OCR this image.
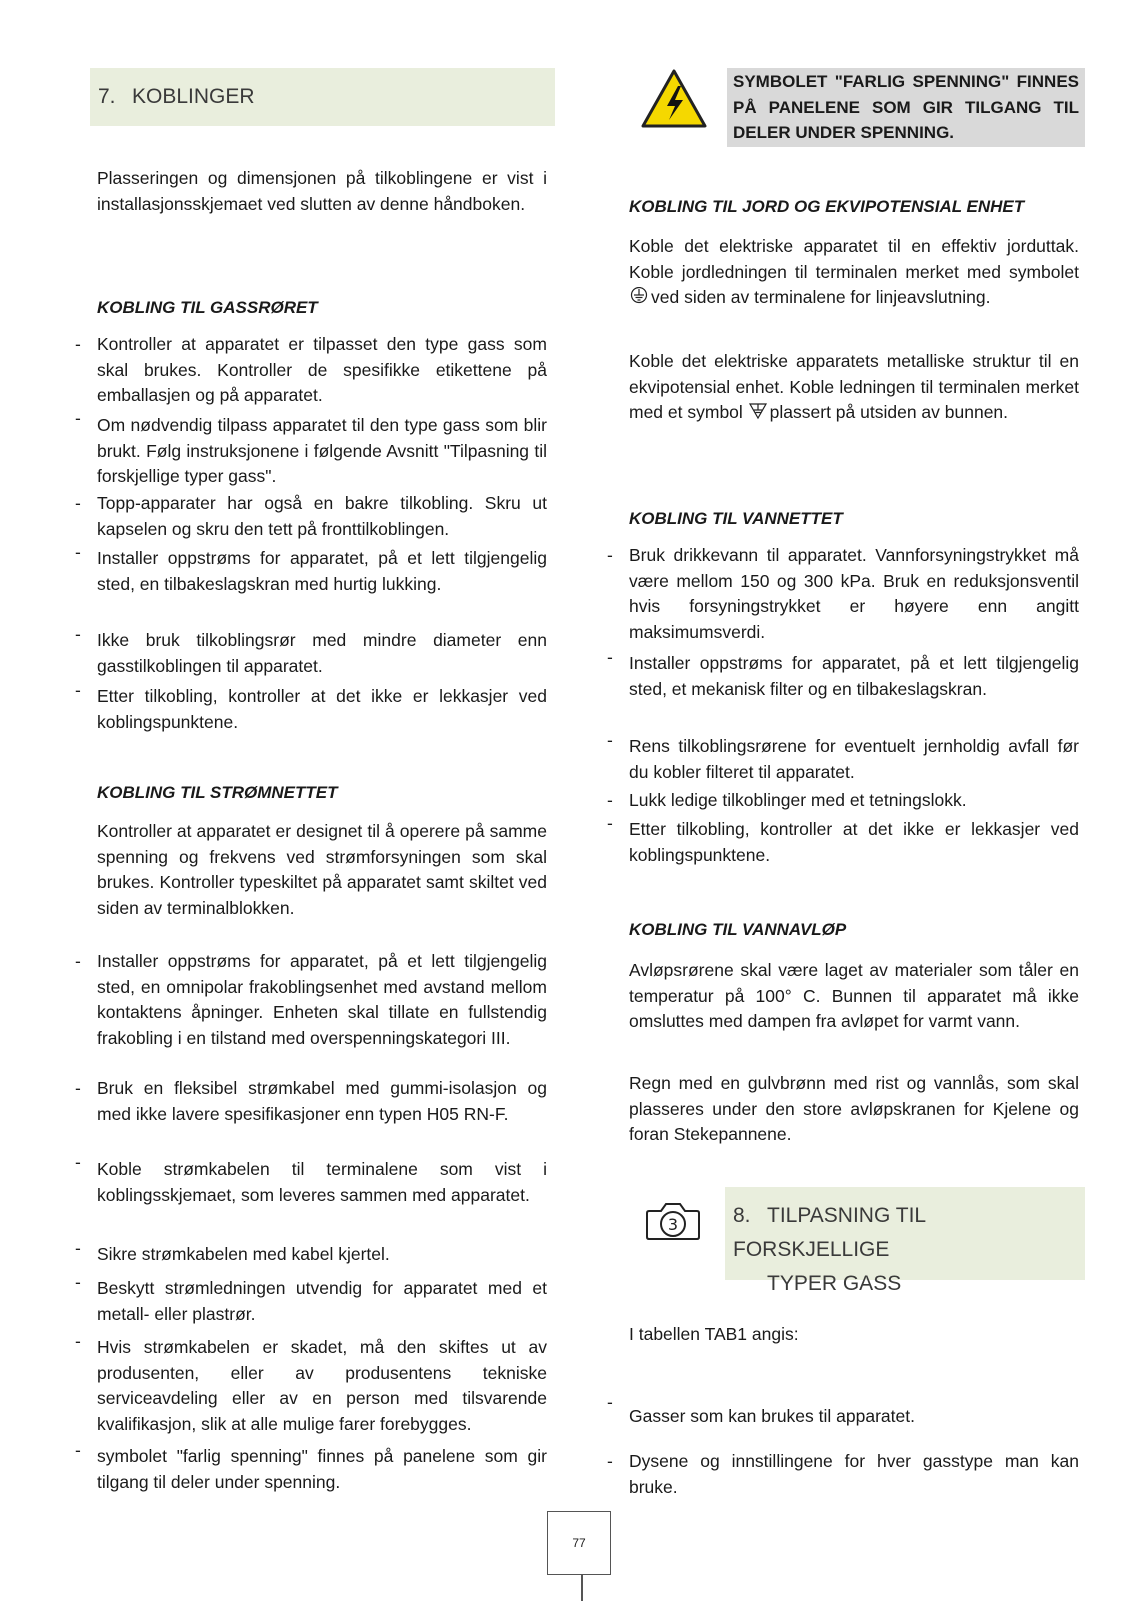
7. KOBLINGER

Plasseringen og dimensjonen på tilkoblingene er vist i installasjonsskjemaet ved slutten av denne håndboken.

KOBLING TIL GASSRØRET

- Kontroller at apparatet er tilpasset den type gass som skal brukes. Kontroller de spesifikke etikettene på emballasjen og på apparatet.

- Om nødvendig tilpass apparatet til den type gass som blir brukt. Følg instruksjonene i følgende Avsnitt "Tilpasning til forskjellige typer gass".

- Topp-apparater har også en bakre tilkobling. Skru ut kapselen og skru den tett på fronttilkoblingen.

- Installer oppstrøms for apparatet, på et lett tilgjengelig sted, en tilbakeslagskran med hurtig lukking.

- Ikke bruk tilkoblingsrør med mindre diameter enn gasstilkoblingen til apparatet.

- Etter tilkobling, kontroller at det ikke er lekkasjer ved koblingspunktene.

KOBLING TIL STRØMNETTET

Kontroller at apparatet er designet til å operere på samme spenning og frekvens ved strømforsyningen som skal brukes. Kontroller typeskiltet på apparatet samt skiltet ved siden av terminalblokken.

- Installer oppstrøms for apparatet, på et lett tilgjengelig sted, en omnipolar frakoblingsenhet med avstand mellom kontaktens åpninger. Enheten skal tillate en fullstendig frakobling i en tilstand med overspenningskategori III.

- Bruk en fleksibel strømkabel med gummi-isolasjon og med ikke lavere spesifikasjoner enn typen H05 RN-F.

- Koble strømkabelen til terminalene som vist i koblingsskjemaet, som leveres sammen med apparatet.

- Sikre strømkabelen med kabel kjertel.

- Beskytt strømledningen utvendig for apparatet med et metall- eller plastrør.

- Hvis strømkabelen er skadet, må den skiftes ut av produsenten, eller av produsentens tekniske serviceavdeling eller av en person med tilsvarende kvalifikasjon, slik at alle mulige farer forebygges.

- symbolet "farlig spenning" finnes på panelene som gir tilgang til deler under spenning.

SYMBOLET "FARLIG SPENNING" FINNES PÅ PANELENE SOM GIR TILGANG TIL DELER UNDER SPENNING.

KOBLING TIL JORD OG EKVIPOTENSIAL ENHET

Koble det elektriske apparatet til en effektiv jorduttak. Koble jordledningen til terminalen merket med symbolet ved siden av terminalene for linjeavslutning.

Koble det elektriske apparatets metalliske struktur til en ekvipotensial enhet. Koble ledningen til terminalen merket med et symbol plassert på utsiden av bunnen.

KOBLING TIL VANNETTET

- Bruk drikkevann til apparatet. Vannforsyningstrykket må være mellom 150 og 300 kPa. Bruk en reduksjonsventil hvis forsyningstrykket er høyere enn angitt maksimumsverdi.

- Installer oppstrøms for apparatet, på et lett tilgjengelig sted, et mekanisk filter og en tilbakeslagskran.

- Rens tilkoblingsrørene for eventuelt jernholdig avfall før du kobler filteret til apparatet.

- Lukk ledige tilkoblinger med et tetningslokk.

- Etter tilkobling, kontroller at det ikke er lekkasjer ved koblingspunktene.

KOBLING TIL VANNAVLØP

Avløpsrørene skal være laget av materialer som tåler en temperatur på 100° C. Bunnen til apparatet må ikke omsluttes med dampen fra avløpet for varmt vann.

Regn med en gulvbrønn med rist og vannlås, som skal plasseres under den store avløpskranen for Kjelene og foran Stekepannene.

3	8. TILPASNING TIL FORSKJELLIGE
TYPER GASS

I tabellen TAB1 angis:

-

Gasser som kan brukes til apparatet.

- Dysene og innstillingene for hver gasstype man kan bruke.

77
